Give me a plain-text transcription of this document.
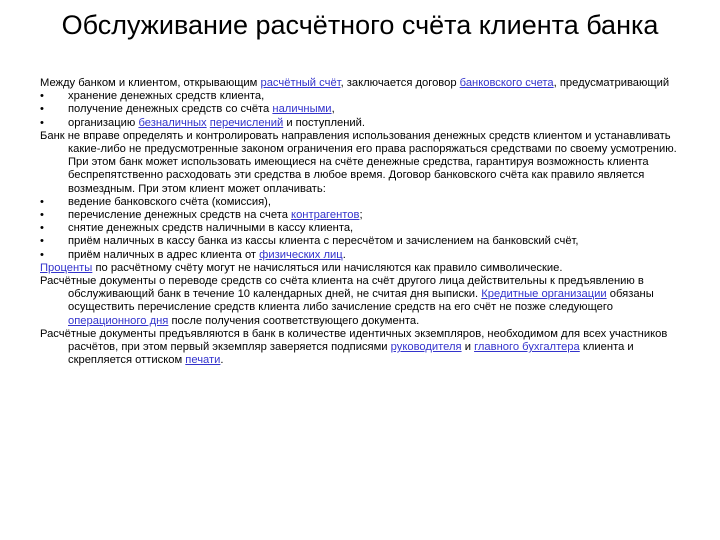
Обслуживание расчётного счёта клиента банка

Между банком и клиентом, открывающим расчётный счёт, заключается договор банковского счета, предусматривающий

•	хранение денежных средств клиента,
•	получение денежных средств со счёта наличными,
•	организацию безналичных перечислений и поступлений.

Банк не вправе определять и контролировать направления использования денежных средств клиентом и устанавливать какие-либо не предусмотренные законом ограничения его права распоряжаться средствами по своему усмотрению. При этом банк может использовать имеющиеся на счёте денежные средства, гарантируя возможность клиента беспрепятственно расходовать эти средства в любое время. Договор банковского счёта как правило является возмездным. При этом клиент может оплачивать:

•	ведение банковского счёта (комиссия),
•	перечисление денежных средств на счета контрагентов;
•	снятие денежных средств наличными в кассу клиента,
•	приём наличных в кассу банка из кассы клиента с пересчётом и зачислением на банковский счёт,
•	приём наличных в адрес клиента от физических лиц.

Проценты по расчётному счёту могут не начисляться или начисляются как правило символические.

Расчётные документы о переводе средств со счёта клиента на счёт другого лица действительны к предъявлению в обслуживающий банк в течение 10 календарных дней, не считая дня выписки. Кредитные организации обязаны осуществить перечисление средств клиента либо зачисление средств на его счёт не позже следующего операционного дня после получения соответствующего документа.

Расчётные документы предъявляются в банк в количестве идентичных экземпляров, необходимом для всех участников расчётов, при этом первый экземпляр заверяется подписями руководителя и главного бухгалтера клиента и скрепляется оттиском печати.
